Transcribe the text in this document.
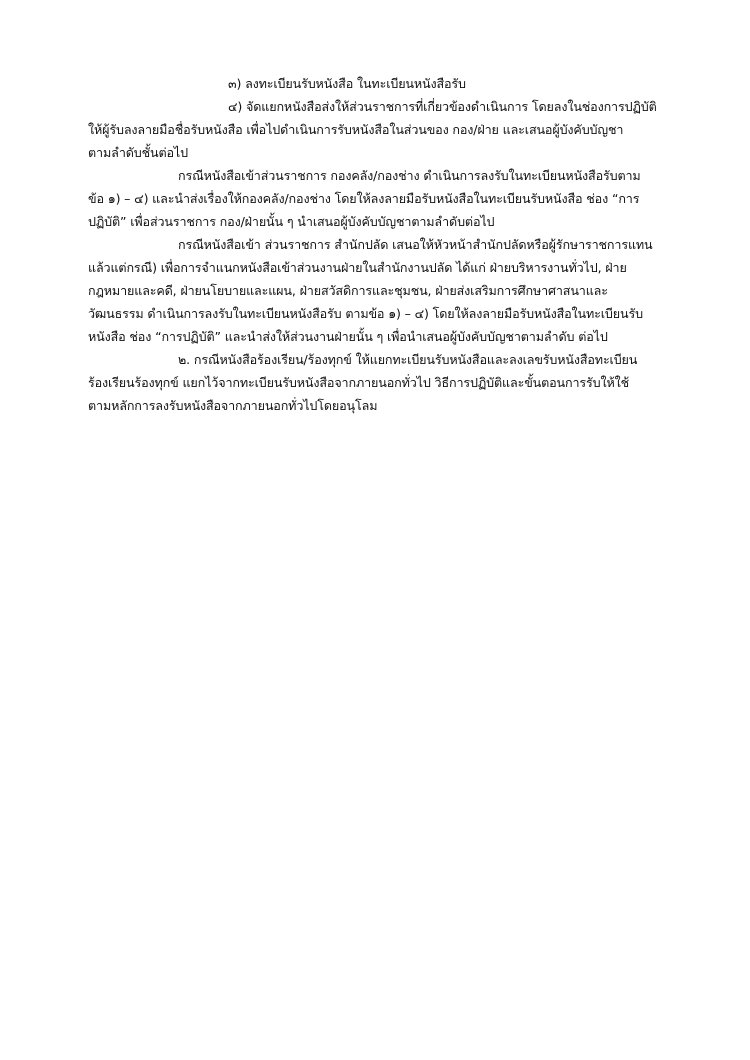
๓) ลงทะเบียนรับหนังสือ ในทะเบียนหนังสือรับ
๔) จัดแยกหนังสือส่งให้ส่วนราชการที่เกี่ยวข้องดำเนินการ โดยลงในช่องการปฏิบัติ
ให้ผู้รับลงลายมือชื่อรับหนังสือ เพื่อไปดำเนินการรับหนังสือในส่วนของ กอง/ฝ่าย และเสนอผู้บังคับบัญชา
ตามลำดับชั้นต่อไป
กรณีหนังสือเข้าส่วนราชการ กองคลัง/กองช่าง ดำเนินการลงรับในทะเบียนหนังสือรับตาม
ข้อ ๑) – ๔) และนำส่งเรื่องให้กองคลัง/กองช่าง โดยให้ลงลายมือรับหนังสือในทะเบียนรับหนังสือ ช่อง “การ
ปฏิบัติ” เพื่อส่วนราชการ กอง/ฝ่ายนั้น ๆ นำเสนอผู้บังคับบัญชาตามลำดับต่อไป
กรณีหนังสือเข้า ส่วนราชการ สำนักปลัด เสนอให้หัวหน้าสำนักปลัดหรือผู้รักษาราชการแทน
แล้วแต่กรณี) เพื่อการจำแนกหนังสือเข้าส่วนงานฝ่ายในสำนักงานปลัด ได้แก่ ฝ่ายบริหารงานทั่วไป, ฝ่าย
กฎหมายและคดี, ฝ่ายนโยบายและแผน, ฝ่ายสวัสดิการและชุมชน, ฝ่ายส่งเสริมการศึกษาศาสนาและ
วัฒนธรรม ดำเนินการลงรับในทะเบียนหนังสือรับ ตามข้อ ๑) – ๔) โดยให้ลงลายมือรับหนังสือในทะเบียนรับ
หนังสือ ช่อง “การปฏิบัติ” และนำส่งให้ส่วนงานฝ่ายนั้น ๆ เพื่อนำเสนอผู้บังคับบัญชาตามลำดับ ต่อไป
๒. กรณีหนังสือร้องเรียน/ร้องทุกข์ ให้แยกทะเบียนรับหนังสือและลงเลขรับหนังสือทะเบียน
ร้องเรียนร้องทุกข์ แยกไว้จากทะเบียนรับหนังสือจากภายนอกทั่วไป วิธีการปฏิบัติและขั้นตอนการรับให้ใช้
ตามหลักการลงรับหนังสือจากภายนอกทั่วไปโดยอนุโลม
